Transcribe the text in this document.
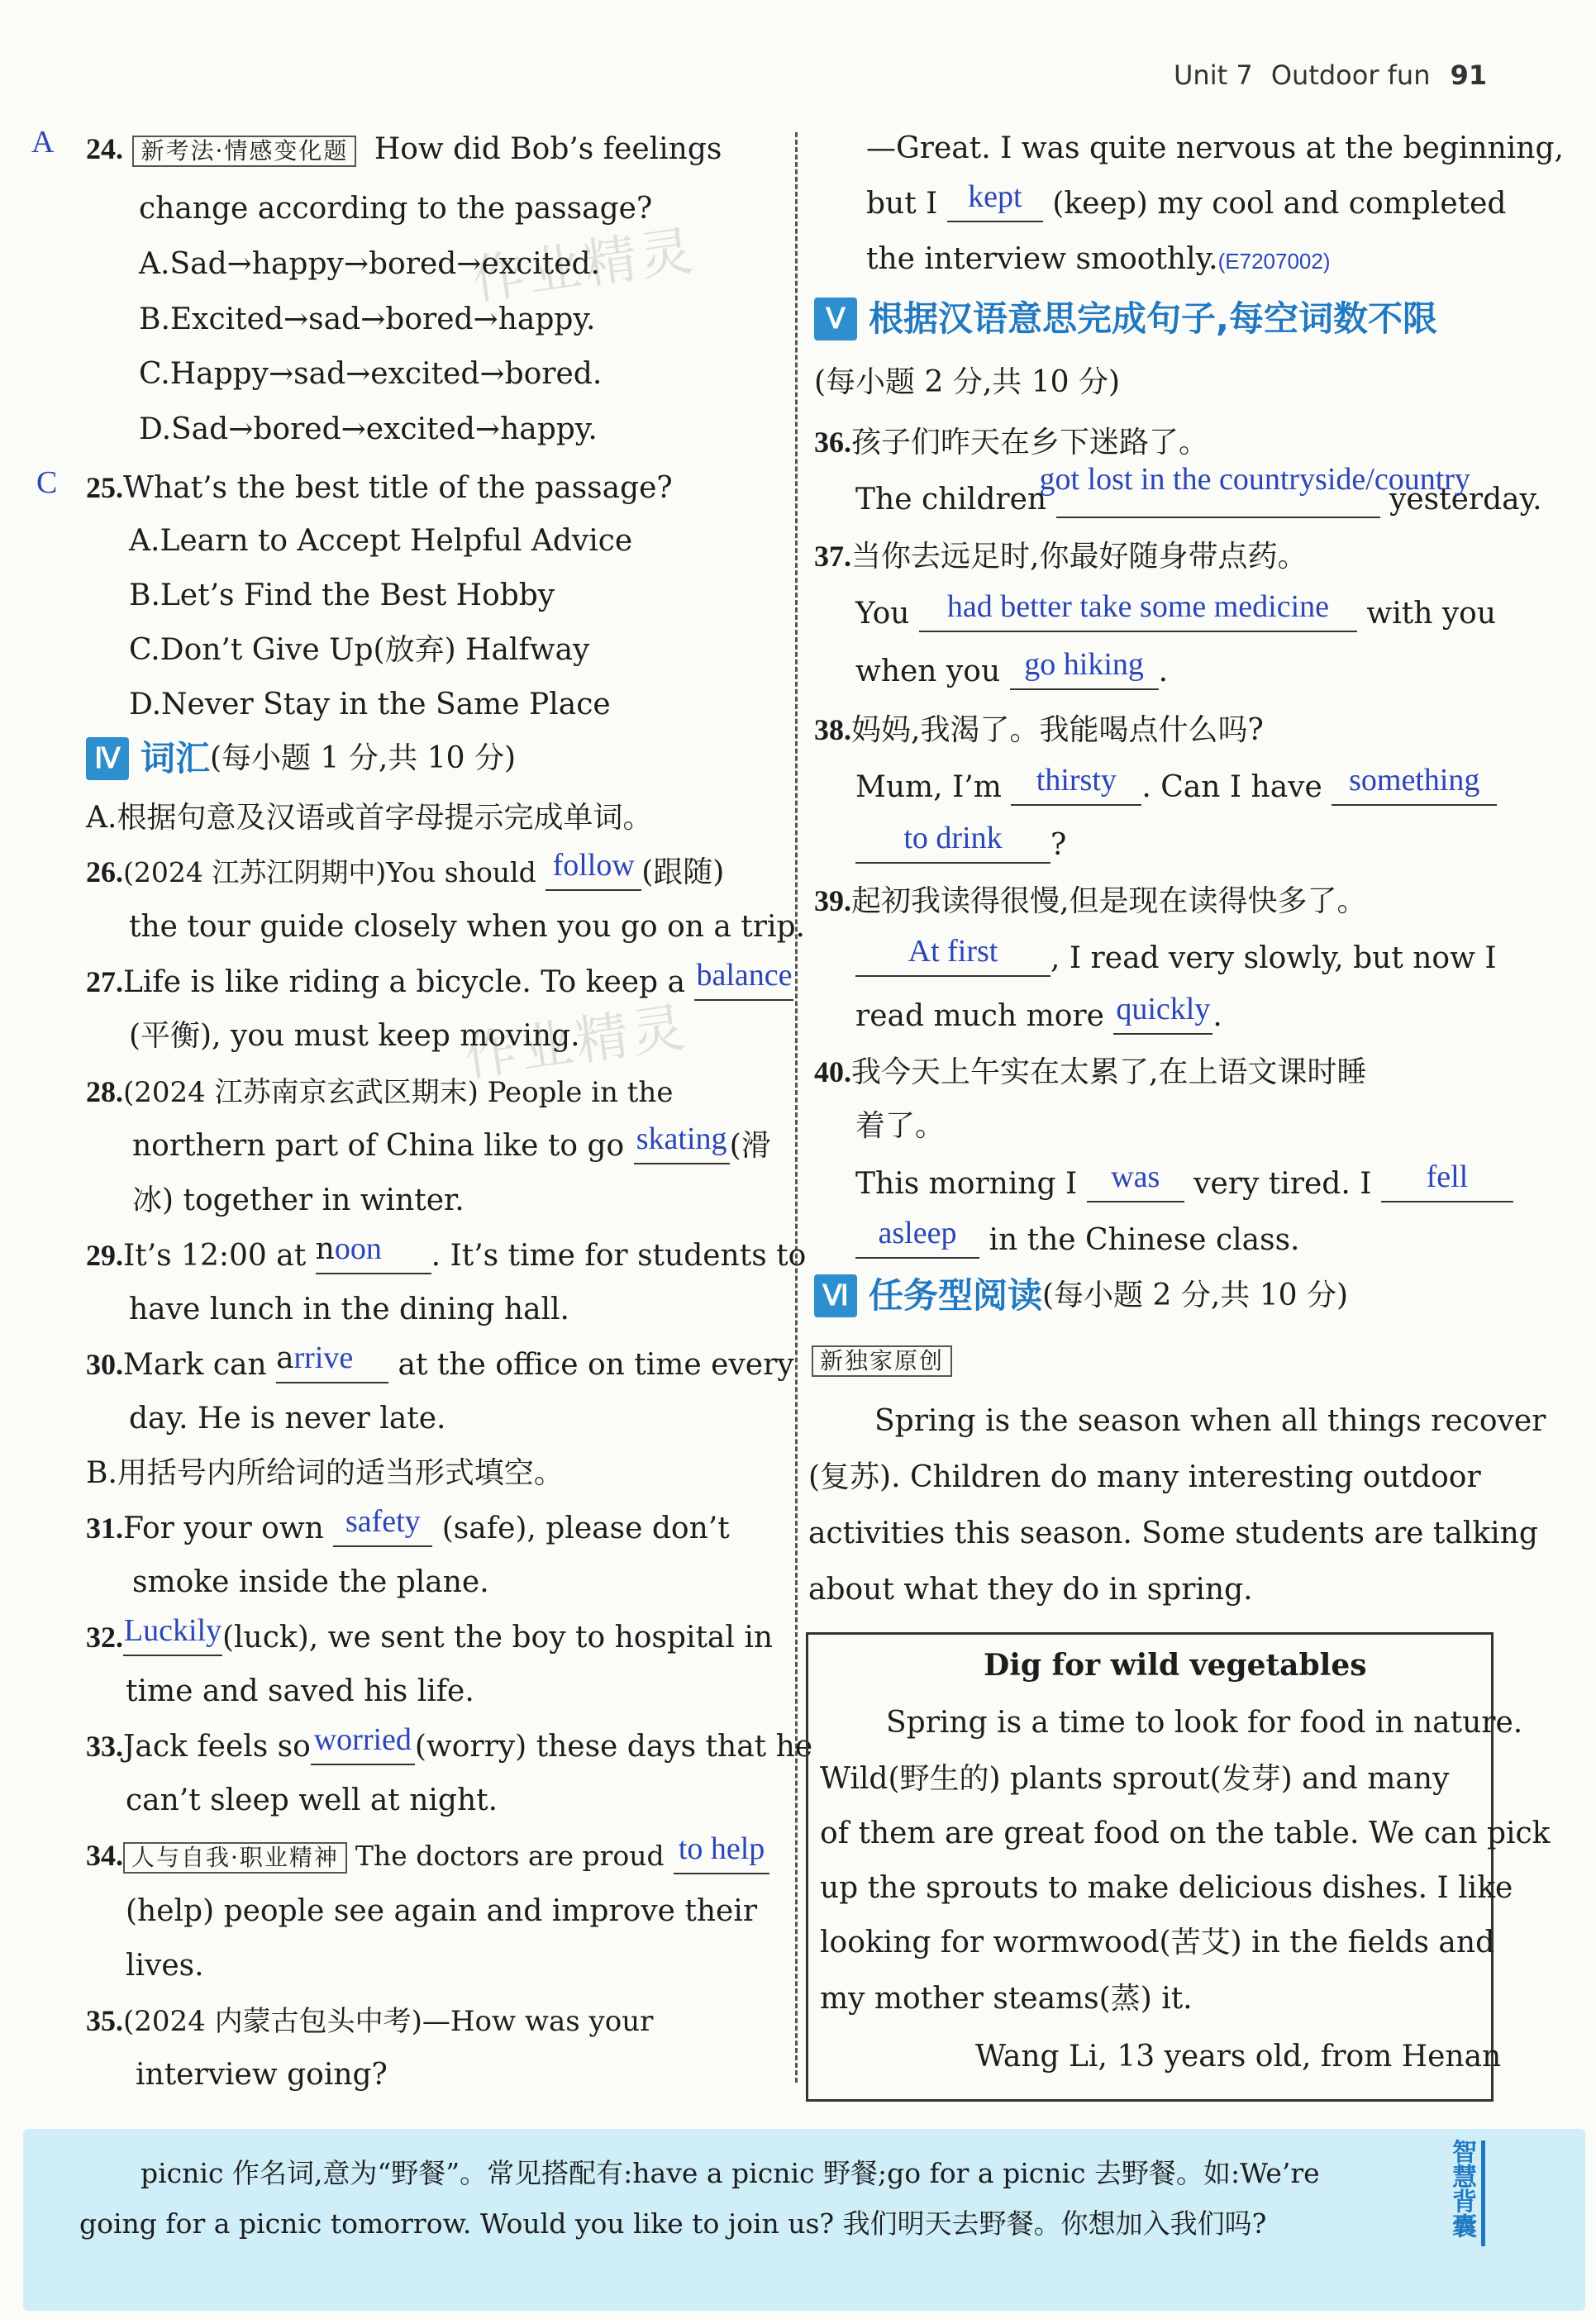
Unit 7 Outdoor fun 91
作业精灵
作业精灵
A 24. 新考法·情感变化题 How did Bob’s feelings
change according to the passage?
A.Sad→happy→bored→excited.
B.Excited→sad→bored→happy.
C.Happy→sad→excited→bored.
D.Sad→bored→excited→happy.
C 25.What’s the best title of the passage?
A.Learn to Accept Helpful Advice
B.Let’s Find the Best Hobby
C.Don’t Give Up(放弃) Halfway
D.Never Stay in the Same Place
Ⅳ 词汇 (每小题 1 分,共 10 分)
A.根据句意及汉语或首字母提示完成单词。
26.(2024 江苏江阴期中)You should follow (跟随)
the tour guide closely when you go on a trip.
27.Life is like riding a bicycle. To keep a balance
(平衡), you must keep moving.
28.(2024 江苏南京玄武区期末) People in the
northern part of China like to go skating(滑
冰) together in winter.
29.It’s 12:00 at noon . It’s time for students to
have lunch in the dining hall.
30.Mark can arrive at the office on time every
day. He is never late.
B.用括号内所给词的适当形式填空。
31.For your own safety (safe), please don’t
smoke inside the plane.
32.Luckily(luck), we sent the boy to hospital in
time and saved his life.
33.Jack feels so worried (worry) these days that he
can’t sleep well at night.
34. 人与自我·职业精神 The doctors are proud to help
(help) people see again and improve their
lives.
35.(2024 内蒙古包头中考)—How was your
interview going?
—Great. I was quite nervous at the beginning,
but I kept (keep) my cool and completed
the interview smoothly.(E7207002)
Ⅴ 根据汉语意思完成句子,每空词数不限
(每小题 2 分,共 10 分)
36.孩子们昨天在乡下迷路了。
The children got lost in the countryside/country yesterday.
37.当你去远足时,你最好随身带点药。
You had better take some medicine with you
when you go hiking .
38.妈妈,我渴了。我能喝点什么吗?
Mum, I’m thirsty . Can I have something
to drink ?
39.起初我读得很慢,但是现在读得快多了。
At first , I read very slowly, but now I
read much more quickly.
40.我今天上午实在太累了,在上语文课时睡
着了。
This morning I was very tired. I fell
asleep in the Chinese class.
Ⅵ 任务型阅读 (每小题 2 分,共 10 分)
新独家原创
Spring is the season when all things recover
(复苏). Children do many interesting outdoor
activities this season. Some students are talking
about what they do in spring.
Dig for wild vegetables
Spring is a time to look for food in nature.
Wild(野生的) plants sprout(发芽) and many
of them are great food on the table. We can pick
up the sprouts to make delicious dishes. I like
looking for wormwood(苦艾) in the fields and
my mother steams(蒸) it.
Wang Li, 13 years old, from Henan
picnic 作名词,意为“野餐”。常见搭配有:have a picnic 野餐;go for a picnic 去野餐。如:We’re
going for a picnic tomorrow. Would you like to join us? 我们明天去野餐。你想加入我们吗?	智慧背囊
